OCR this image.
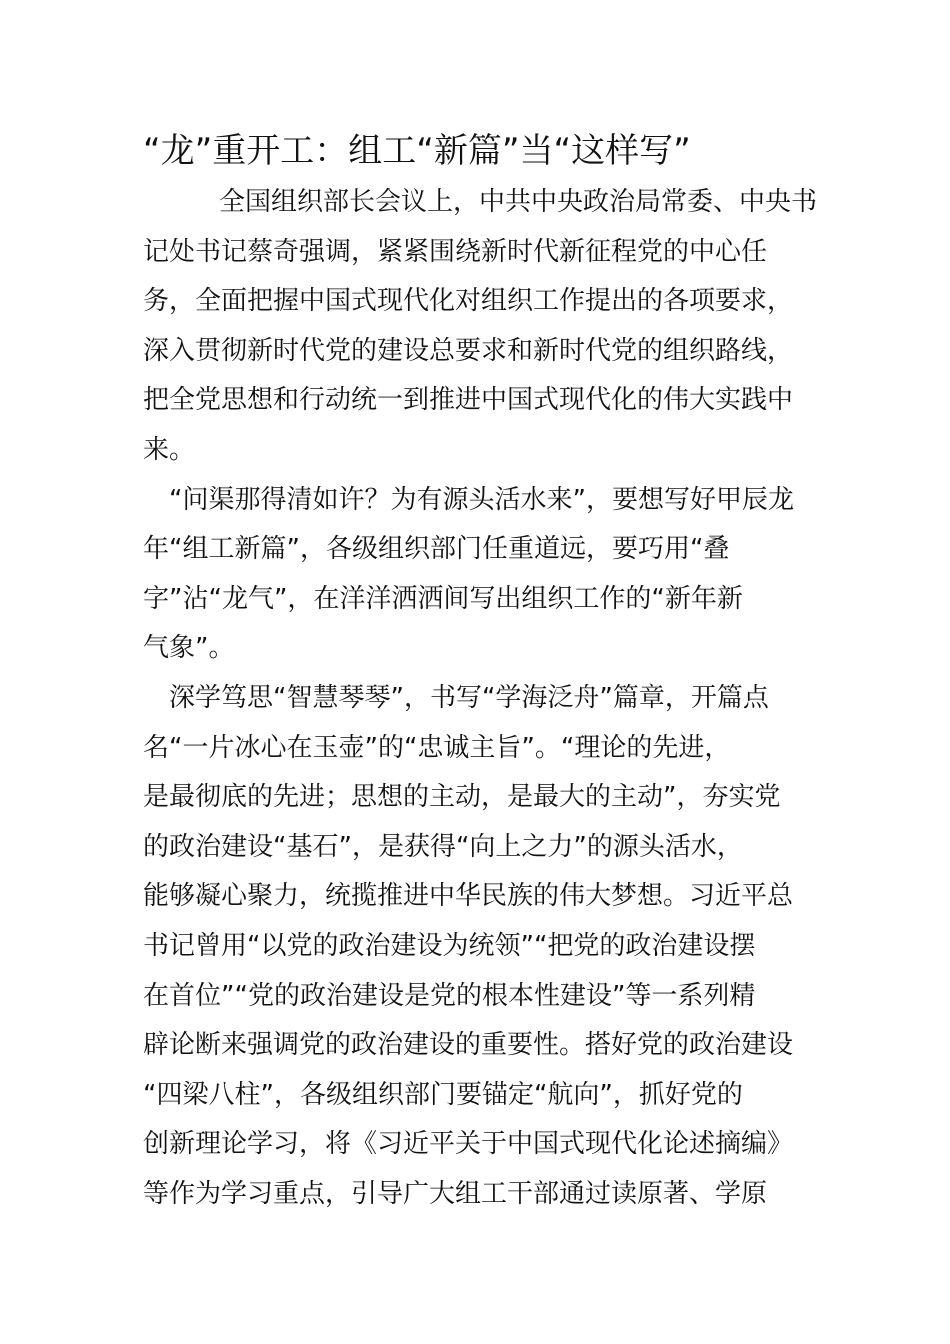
“龙”重开工：组工“新篇”当“这样写”
全国组织部长会议上，中共中央政治局常委、中央书
记处书记蔡奇强调，紧紧围绕新时代新征程党的中心任
务，全面把握中国式现代化对组织工作提出的各项要求，
深入贯彻新时代党的建设总要求和新时代党的组织路线，
把全党思想和行动统一到推进中国式现代化的伟大实践中
来。
“问渠那得清如许？为有源头活水来”，要想写好甲辰龙
年“组工新篇”，各级组织部门任重道远，要巧用“叠
字”沾“龙气”，在洋洋洒洒间写出组织工作的“新年新
气象”。
深学笃思“智慧琴琴”，书写“学海泛舟”篇章，开篇点
名“一片冰心在玉壶”的“忠诚主旨”。“理论的先进，
是最彻底的先进；思想的主动，是最大的主动”，夯实党
的政治建设“基石”，是获得“向上之力”的源头活水，
能够凝心聚力，统揽推进中华民族的伟大梦想。习近平总
书记曾用“以党的政治建设为统领”“把党的政治建设摆
在首位”“党的政治建设是党的根本性建设”等一系列精
辟论断来强调党的政治建设的重要性。搭好党的政治建设
“四梁八柱”，各级组织部门要锚定“航向”，抓好党的
创新理论学习，将《习近平关于中国式现代化论述摘编》
等作为学习重点，引导广大组工干部通过读原著、学原
